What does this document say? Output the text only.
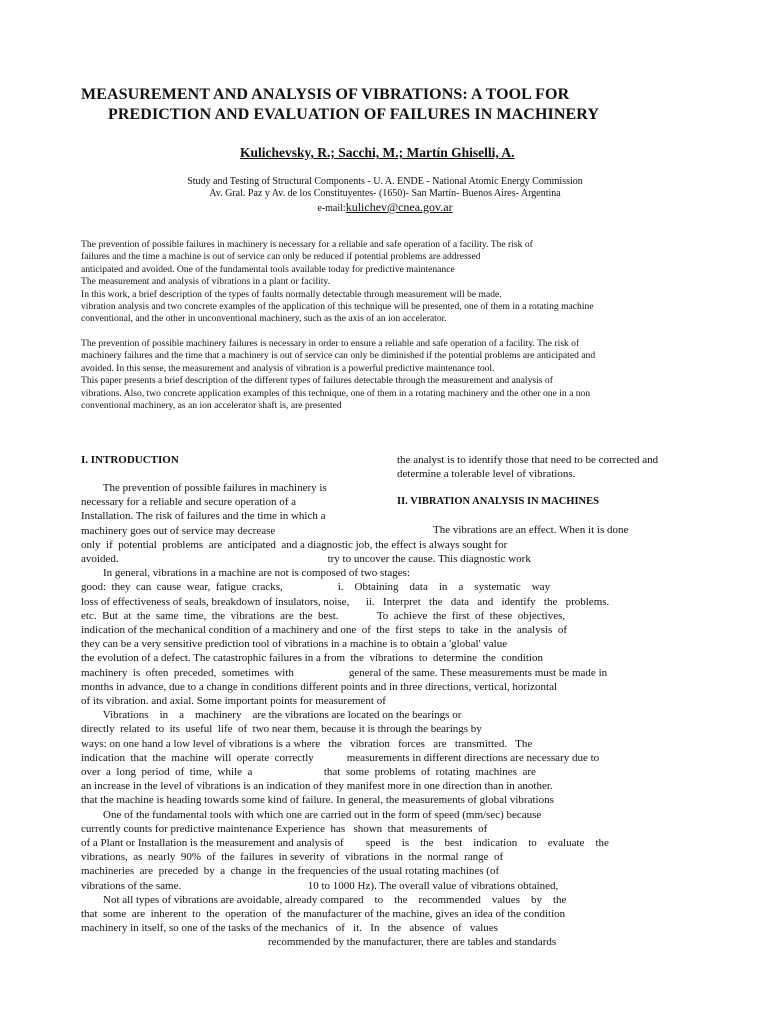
MEASUREMENT AND ANALYSIS OF VIBRATIONS: A TOOL FOR
PREDICTION AND EVALUATION OF FAILURES IN MACHINERY
Kulichevsky, R.; Sacchi, M.; Martín Ghiselli, A.
Study and Testing of Structural Components - U. A. ENDE - National Atomic Energy Commission
Av. Gral. Paz y Av. de los Constituyentes- (1650)- San Martín- Buenos Aires- Argentina
e-mail:kulichev@cnea.gov.ar
The prevention of possible failures in machinery is necessary for a reliable and safe operation of a facility. The risk of
failures and the time a machine is out of service can only be reduced if potential problems are addressed
anticipated and avoided. One of the fundamental tools available today for predictive maintenance
The measurement and analysis of vibrations in a plant or facility.
In this work, a brief description of the types of faults normally detectable through measurement will be made.
vibration analysis and two concrete examples of the application of this technique will be presented, one of them in a rotating machine
conventional, and the other in unconventional machinery, such as the axis of an ion accelerator.
The prevention of possible machinery failures is necessary in order to ensure a reliable and safe operation of a facility. The risk of
machinery failures and the time that a machinery is out of service can only be diminished if the potential problems are anticipated and
avoided. In this sense, the measurement and analysis of vibration is a powerful predictive maintenance tool.
This paper presents a brief description of the different types of failures detectable through the measurement and analysis of
vibrations. Also, two concrete application examples of this technique, one of them in a rotating machinery and the other one in a non
conventional machinery, as an ion accelerator shaft is, are presented
the analyst is to identify those that need to be corrected and
determine a tolerable level of vibrations.
II. VIBRATION ANALYSIS IN MACHINES
The vibrations are an effect. When it is done
I. INTRODUCTION
The prevention of possible failures in machinery is
necessary for a reliable and secure operation of a
Installation. The risk of failures and the time in which a
machinery goes out of service may decrease
only  if  potential  problems  are  anticipated  and a diagnostic job, the effect is always sought for
avoided.                                                                            try to uncover the cause. This diagnostic work
In general, vibrations in a machine are not is composed of two stages:
good:  they  can  cause  wear,  fatigue  cracks,                    i.    Obtaining    data    in    a    systematic    way
loss of effectiveness of seals, breakdown of insulators, noise,      ii.   Interpret   the   data   and   identify   the   problems.
etc.  But  at  the  same  time,  the  vibrations  are  the  best.              To  achieve  the  first  of  these  objectives,
indication of the mechanical condition of a machinery and one  of  the  first  steps  to  take  in  the  analysis  of
they can be a very sensitive prediction tool of vibrations in a machine is to obtain a 'global' value
the evolution of a defect. The catastrophic failures in a from  the  vibrations  to  determine  the  condition
machinery  is  often  preceded,  sometimes  with                    general of the same. These measurements must be made in
months in advance, due to a change in conditions different points and in three directions, vertical, horizontal
of its vibration. and axial. Some important points for measurement of
Vibrations    in    a    machinery    are the vibrations are located on the bearings or
directly  related  to  its  useful  life  of  two near them, because it is through the bearings by
ways: on one hand a low level of vibrations is a where   the   vibration   forces   are   transmitted.   The
indication  that  the  machine  will  operate  correctly            measurements in different directions are necessary due to
over  a  long  period  of  time,  while  a                          that  some  problems  of  rotating  machines  are
an increase in the level of vibrations is an indication of they manifest more in one direction than in another.
that the machine is heading towards some kind of failure. In general, the measurements of global vibrations
One of the fundamental tools with which one are carried out in the form of speed (mm/sec) because
currently counts for predictive maintenance Experience  has   shown  that  measurements  of
of a Plant or Installation is the measurement and analysis of        speed    is    the    best    indication    to    evaluate    the
vibrations,  as  nearly  90%  of  the  failures  in severity  of  vibrations  in  the  normal  range  of
machineries  are  preceded  by  a  change  in  the frequencies of the usual rotating machines (of
vibrations of the same.                                              10 to 1000 Hz). The overall value of vibrations obtained,
Not all types of vibrations are avoidable, already compared    to    the    recommended    values    by    the
that  some  are  inherent  to  the  operation  of  the manufacturer of the machine, gives an idea of the condition
machinery in itself, so one of the tasks of the mechanics   of   it.   In   the   absence   of   values
recommended by the manufacturer, there are tables and standards
